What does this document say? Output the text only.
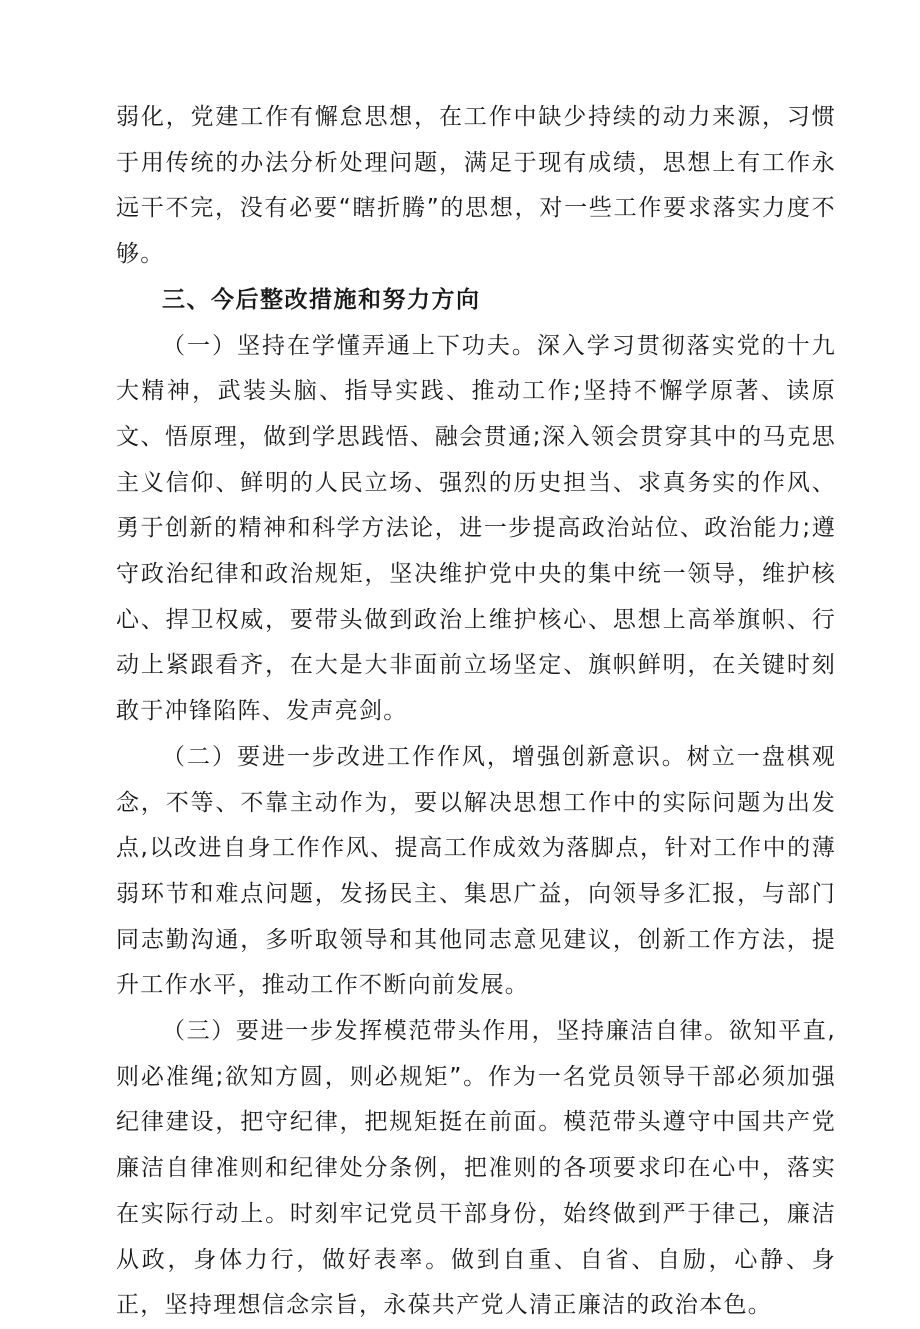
弱化，党建工作有懈怠思想，在工作中缺少持续的动力来源，习惯于用传统的办法分析处理问题，满足于现有成绩，思想上有工作永远干不完，没有必要“瞎折腾”的思想，对一些工作要求落实力度不够。

三、今后整改措施和努力方向

（一）坚持在学懂弄通上下功夫。深入学习贯彻落实党的十九大精神，武装头脑、指导实践、推动工作;坚持不懈学原著、读原文、悟原理，做到学思践悟、融会贯通;深入领会贯穿其中的马克思主义信仰、鲜明的人民立场、强烈的历史担当、求真务实的作风、勇于创新的精神和科学方法论，进一步提高政治站位、政治能力;遵守政治纪律和政治规矩，坚决维护党中央的集中统一领导，维护核心、捍卫权威，要带头做到政治上维护核心、思想上高举旗帜、行动上紧跟看齐，在大是大非面前立场坚定、旗帜鲜明，在关键时刻敢于冲锋陷阵、发声亮剑。

（二）要进一步改进工作作风，增强创新意识。树立一盘棋观念，不等、不靠主动作为，要以解决思想工作中的实际问题为出发点,以改进自身工作作风、提高工作成效为落脚点，针对工作中的薄弱环节和难点问题，发扬民主、集思广益，向领导多汇报，与部门同志勤沟通，多听取领导和其他同志意见建议，创新工作方法，提升工作水平，推动工作不断向前发展。

（三）要进一步发挥模范带头作用，坚持廉洁自律。欲知平直,则必准绳;欲知方圆，则必规矩”。作为一名党员领导干部必须加强纪律建设，把守纪律，把规矩挺在前面。模范带头遵守中国共产党廉洁自律准则和纪律处分条例，把准则的各项要求印在心中，落实在实际行动上。时刻牢记党员干部身份，始终做到严于律己，廉洁从政，身体力行，做好表率。做到自重、自省、自励，心静、身正，坚持理想信念宗旨，永葆共产党人清正廉洁的政治本色。
